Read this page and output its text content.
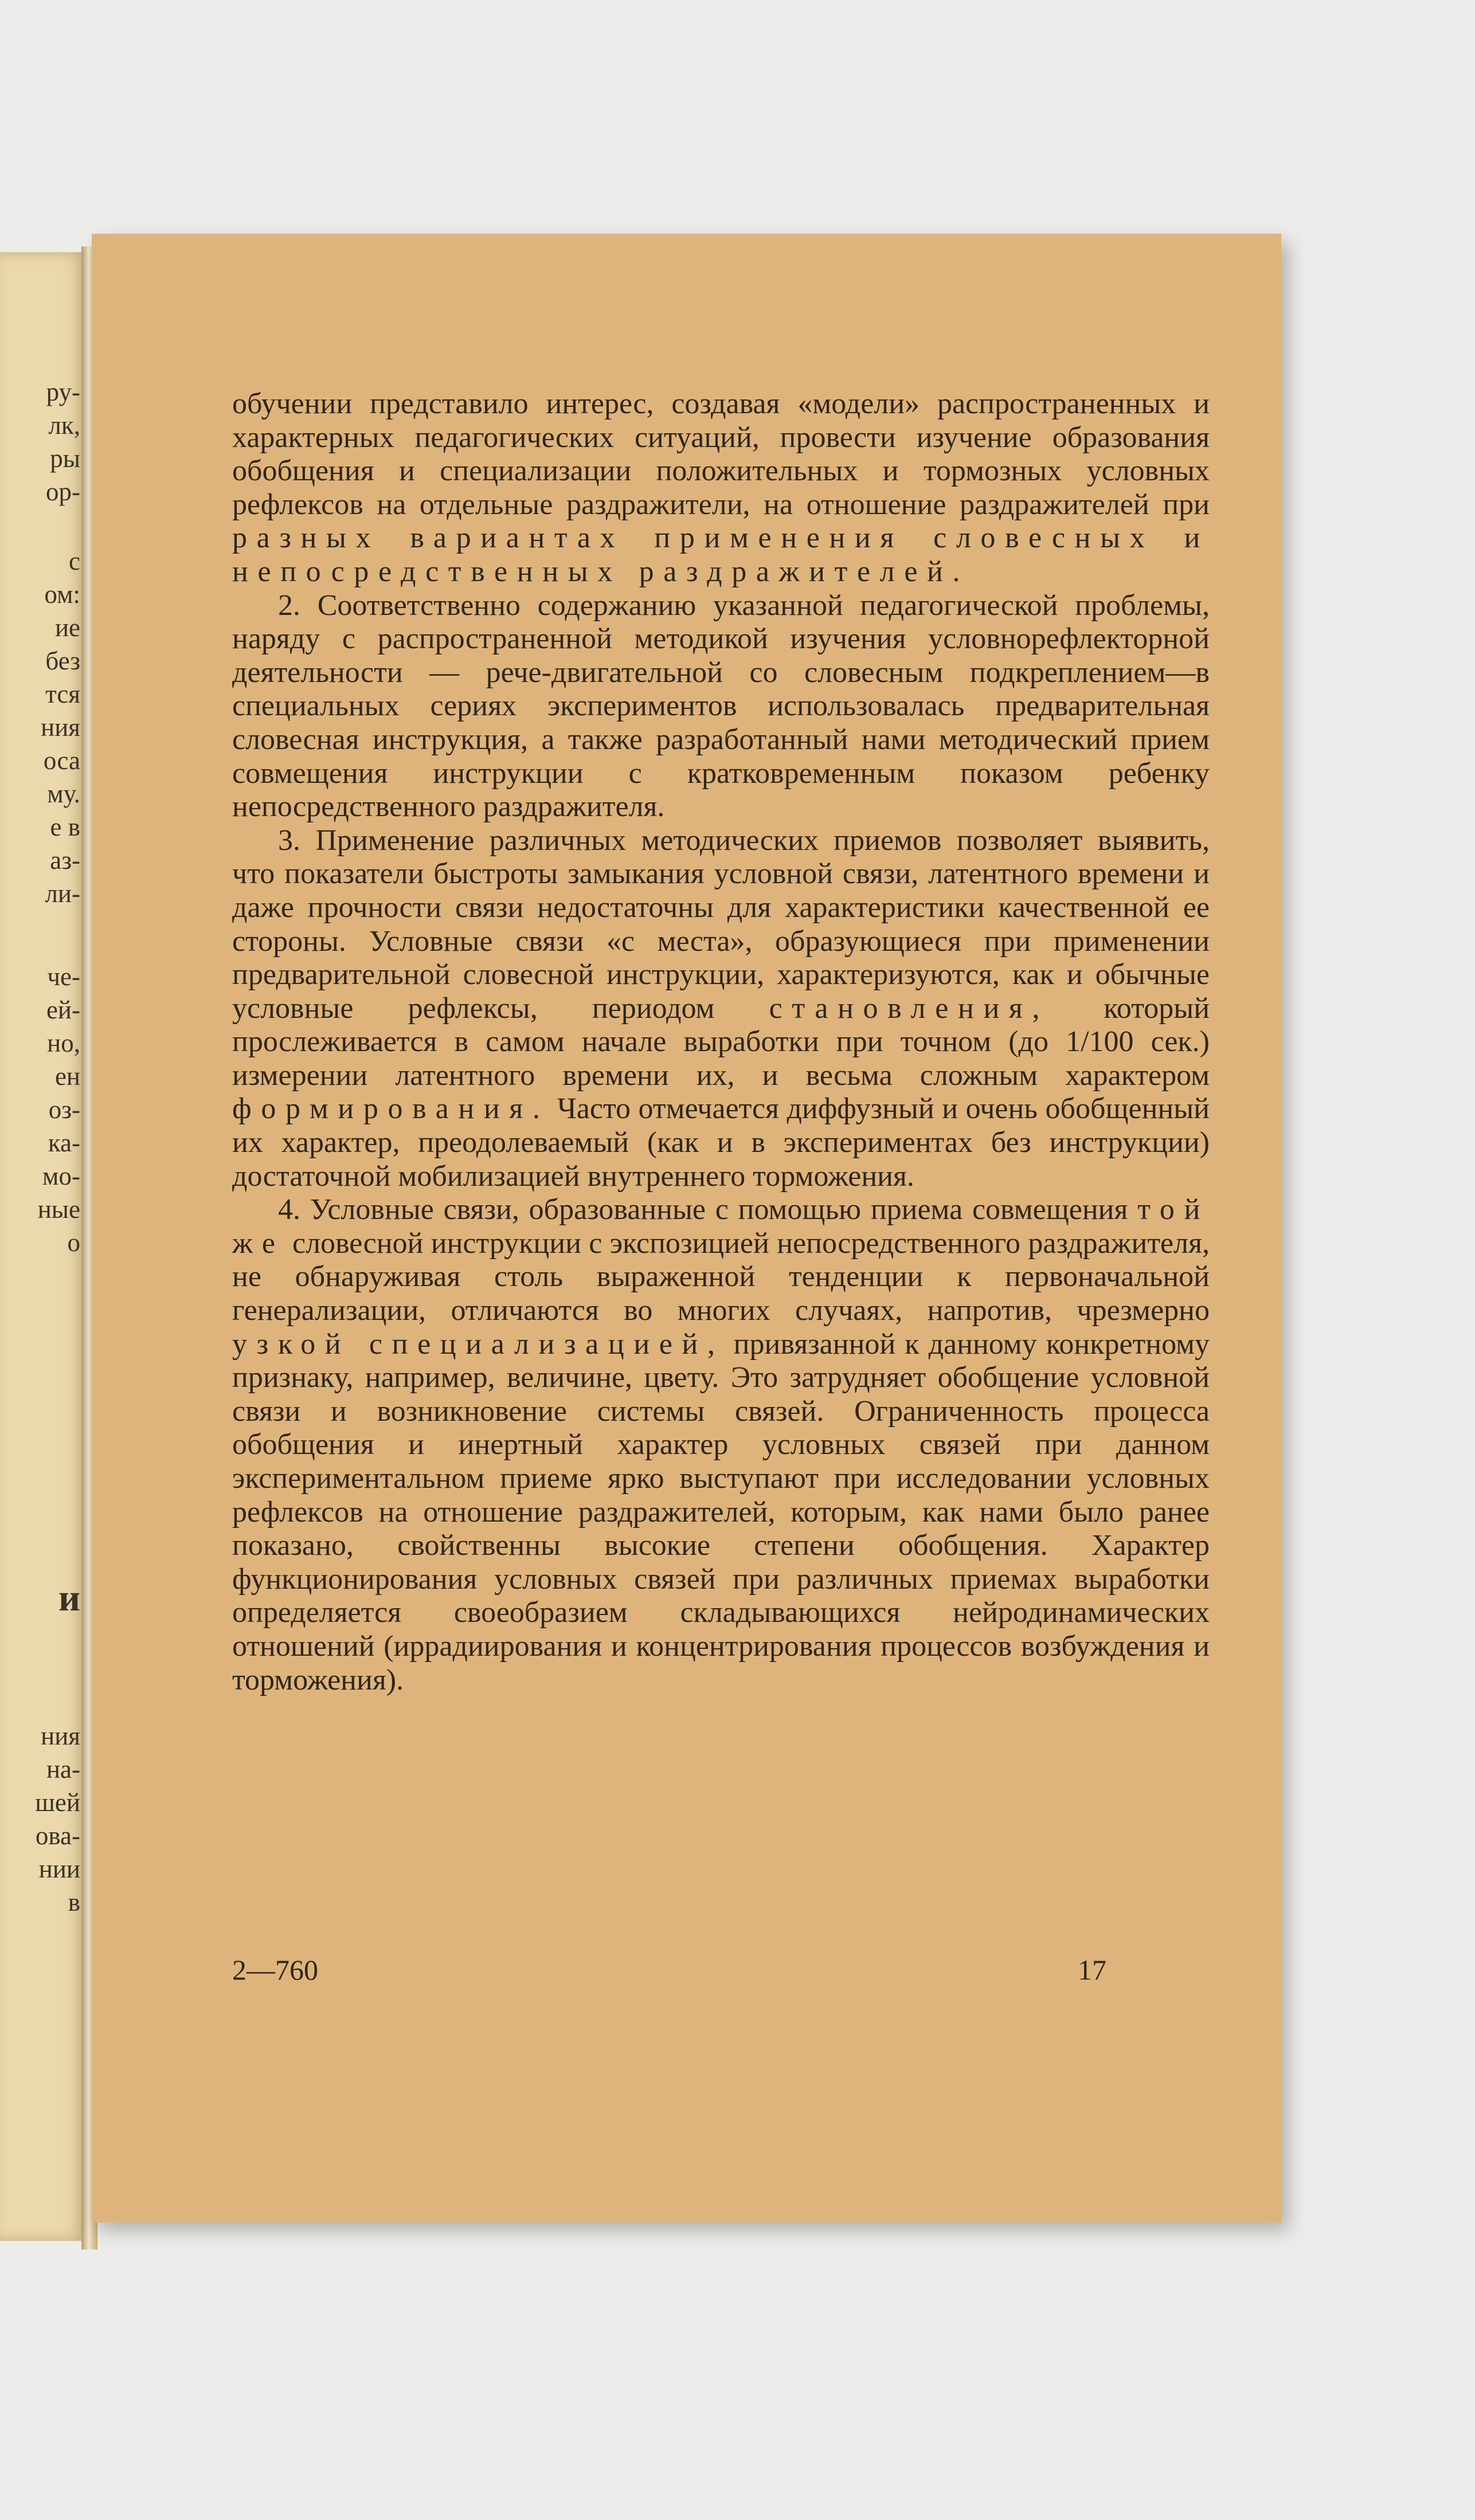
ру-
лк,
ры
ор-
с
ом:
ие
без
тся
ния
оса
му.
е в
аз-
ли-
че-
ей-
но,
ен
оз-
ка-
мо-
ные
о
и
ния
на-
шей
ова-
нии
в

обучении представило интерес, создавая «модели» распространенных и характерных педагогических ситуаций, провести изучение образования обобщения и специализации положительных и тормозных условных рефлексов на отдельные раздражители, на отношение раздражителей при разных вариантах применения словесных и непосредственных раздражителей.

2. Соответственно содержанию указанной педагогической проблемы, наряду с распространенной методикой изучения условнорефлекторной деятельности — рече-двигательной со словесным подкреплением—в специальных сериях экспериментов использовалась предварительная словесная инструкция, а также разработанный нами методический прием совмещения инструкции с кратковременным показом ребенку непосредственного раздражителя.

3. Применение различных методических приемов позволяет выявить, что показатели быстроты замыкания условной связи, латентного времени и даже прочности связи недостаточны для характеристики качественной ее стороны. Условные связи «с места», образующиеся при применении предварительной словесной инструкции, характеризуются, как и обычные условные рефлексы, периодом становления, который прослеживается в самом начале выработки при точном (до 1/100 сек.) измерении латентного времени их, и весьма сложным характером формирования. Часто отмечается диффузный и очень обобщенный их характер, преодолеваемый (как и в экспериментах без инструкции) достаточной мобилизацией внутреннего торможения.

4. Условные связи, образованные с помощью приема совмещения той же словесной инструкции с экспозицией непосредственного раздражителя, не обнаруживая столь выраженной тенденции к первоначальной генерализации, отличаются во многих случаях, напротив, чрезмерно узкой специализацией, привязанной к данному конкретному признаку, например, величине, цвету. Это затрудняет обобщение условной связи и возникновение системы связей. Ограниченность процесса обобщения и инертный характер условных связей при данном экспериментальном приеме ярко выступают при исследовании условных рефлексов на отношение раздражителей, которым, как нами было ранее показано, свойственны высокие степени обобщения. Характер функционирования условных связей при различных приемах выработки определяется своеобразием складывающихся нейродинамических отношений (иррадиирования и концентрирования процессов возбуждения и торможения).

2—760	17
